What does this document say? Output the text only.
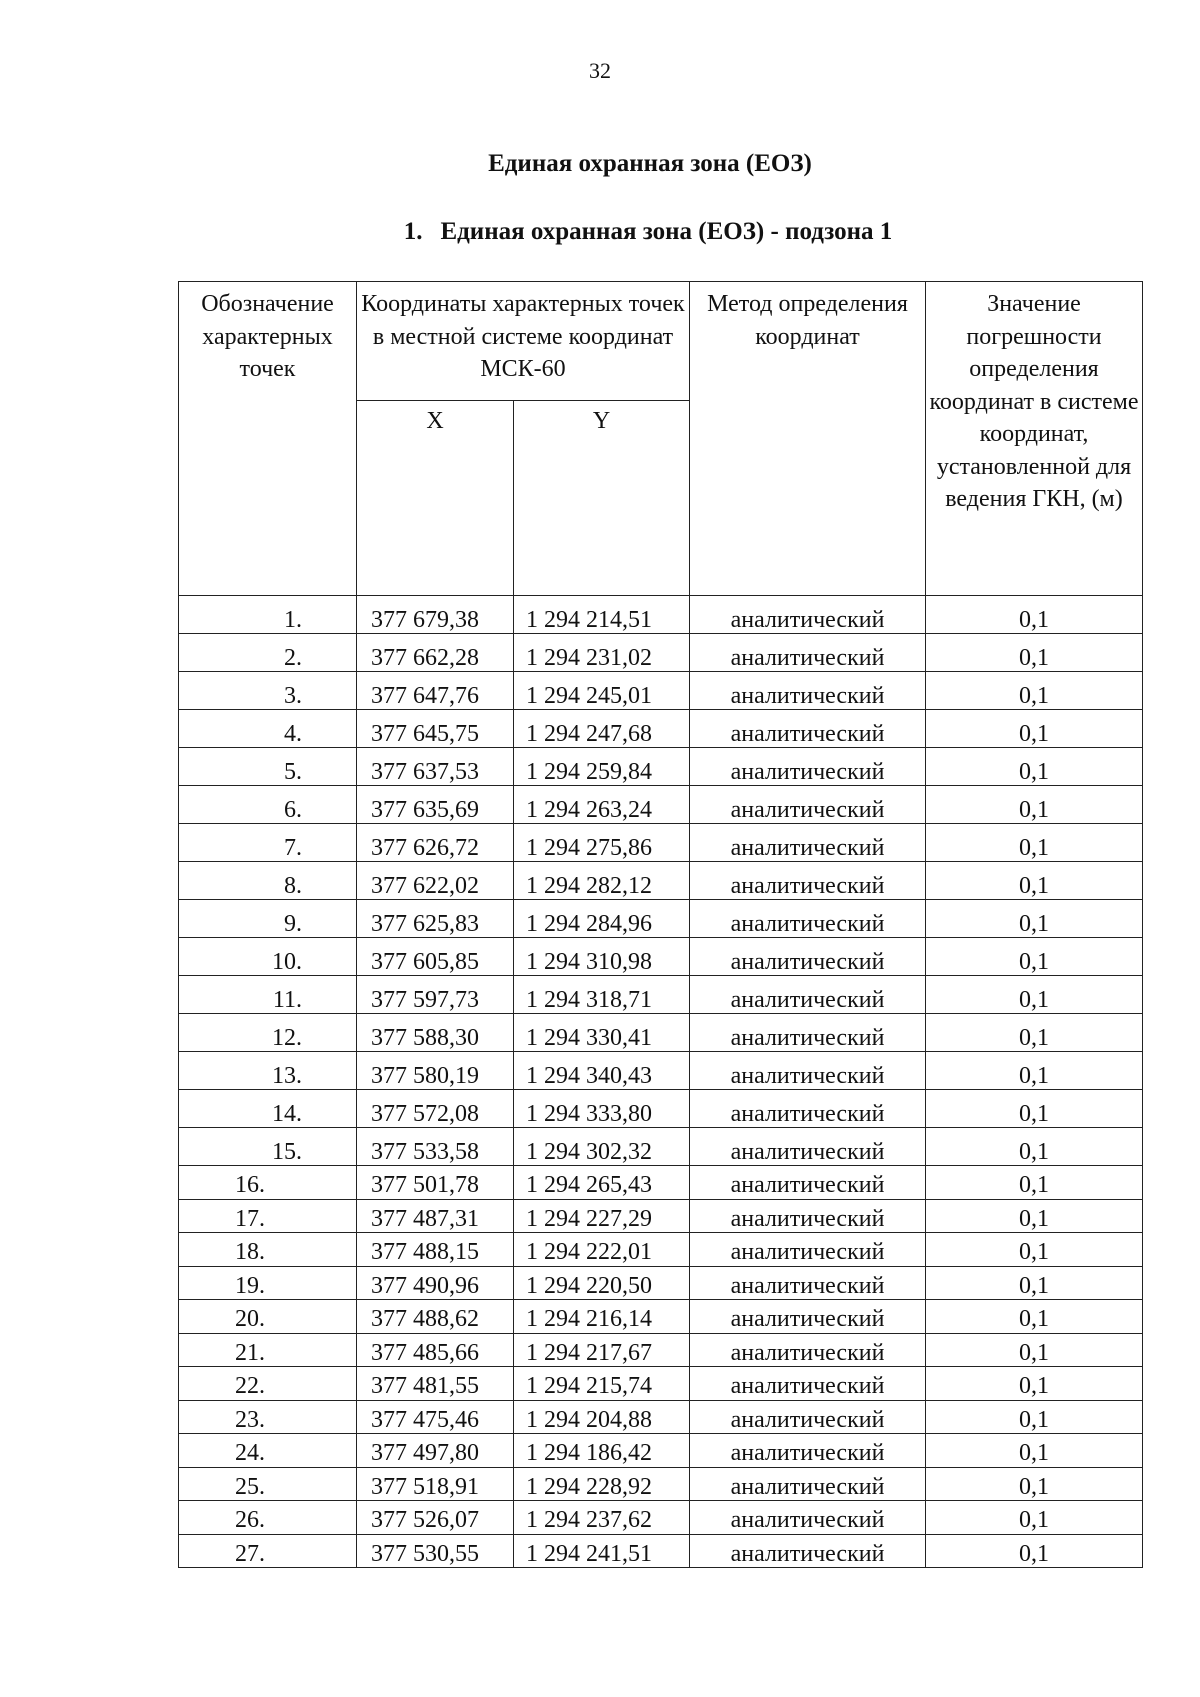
32
Единая охранная зона (ЕОЗ)
1. Единая охранная зона (ЕОЗ) - подзона 1
Обозначение характерных точек	Координаты характерных точек в местной системе координат МСК-60		Метод определения координат	Значение погрешности определения координат в системе координат, установленной для ведения ГКН, (м)
	X	Y		
1.	377 679,38	1 294 214,51	аналитический	0,1
2.	377 662,28	1 294 231,02	аналитический	0,1
3.	377 647,76	1 294 245,01	аналитический	0,1
4.	377 645,75	1 294 247,68	аналитический	0,1
5.	377 637,53	1 294 259,84	аналитический	0,1
6.	377 635,69	1 294 263,24	аналитический	0,1
7.	377 626,72	1 294 275,86	аналитический	0,1
8.	377 622,02	1 294 282,12	аналитический	0,1
9.	377 625,83	1 294 284,96	аналитический	0,1
10.	377 605,85	1 294 310,98	аналитический	0,1
11.	377 597,73	1 294 318,71	аналитический	0,1
12.	377 588,30	1 294 330,41	аналитический	0,1
13.	377 580,19	1 294 340,43	аналитический	0,1
14.	377 572,08	1 294 333,80	аналитический	0,1
15.	377 533,58	1 294 302,32	аналитический	0,1
16.	377 501,78	1 294 265,43	аналитический	0,1
17.	377 487,31	1 294 227,29	аналитический	0,1
18.	377 488,15	1 294 222,01	аналитический	0,1
19.	377 490,96	1 294 220,50	аналитический	0,1
20.	377 488,62	1 294 216,14	аналитический	0,1
21.	377 485,66	1 294 217,67	аналитический	0,1
22.	377 481,55	1 294 215,74	аналитический	0,1
23.	377 475,46	1 294 204,88	аналитический	0,1
24.	377 497,80	1 294 186,42	аналитический	0,1
25.	377 518,91	1 294 228,92	аналитический	0,1
26.	377 526,07	1 294 237,62	аналитический	0,1
27.	377 530,55	1 294 241,51	аналитический	0,1
